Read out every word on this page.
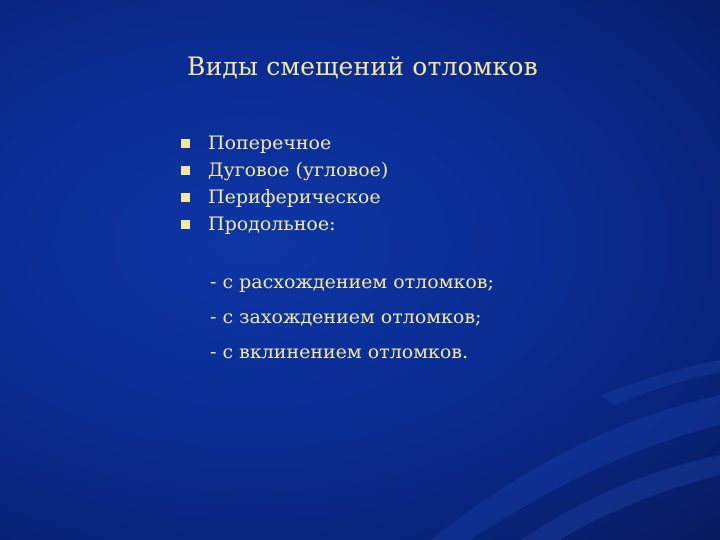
Виды смещений отломков
Поперечное
Дуговое (угловое)
Периферическое
Продольное:
- с расхождением отломков;
- с захождением отломков;
- с вклинением отломков.
